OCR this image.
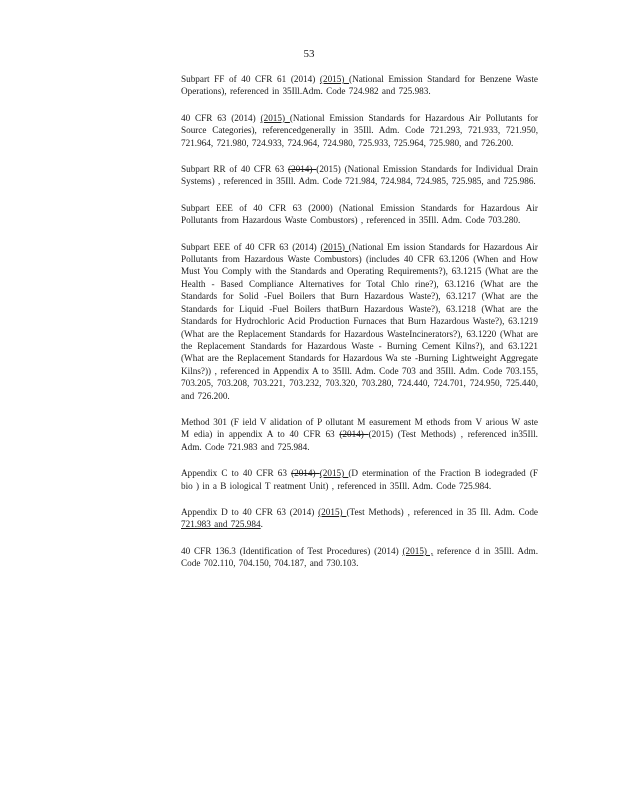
53

Subpart FF of 40 CFR 61 (2014) (2015) (National Emission Standard for Benzene Waste Operations), referenced in 35Ill.Adm. Code 724.982 and 725.983.

40 CFR 63 (2014) (2015) (National Emission Standards for Hazardous Air Pollutants for Source Categories), referencedgenerally in 35Ill. Adm. Code 721.293, 721.933, 721.950, 721.964, 721.980, 724.933, 724.964, 724.980, 725.933, 725.964, 725.980, and 726.200.

Subpart RR of 40 CFR 63 (2014) (2015) (National Emission Standards for Individual Drain Systems) , referenced in 35Ill. Adm. Code 721.984, 724.984, 724.985, 725.985, and 725.986.

Subpart EEE of 40 CFR 63 (2000) (National Emission Standards for Hazardous Air Pollutants from Hazardous Waste Combustors) , referenced in 35Ill. Adm. Code 703.280.

Subpart EEE of 40 CFR 63 (2014) (2015) (National Em ission Standards for Hazardous Air Pollutants from Hazardous Waste Combustors) (includes 40 CFR 63.1206 (When and How Must You Comply with the Standards and Operating Requirements?), 63.1215 (What are the Health - Based Compliance Alternatives for Total Chlo rine?), 63.1216 (What are the Standards for Solid -Fuel Boilers that Burn Hazardous Waste?), 63.1217 (What are the Standards for Liquid -Fuel Boilers thatBurn Hazardous Waste?), 63.1218 (What are the Standards for Hydrochloric Acid Production Furnaces that Burn Hazardous Waste?), 63.1219 (What are the Replacement Standards for Hazardous WasteIncinerators?), 63.1220 (What are the Replacement Standards for Hazardous Waste - Burning Cement Kilns?), and 63.1221 (What are the Replacement Standards for Hazardous Wa ste -Burning Lightweight Aggregate Kilns?)) , referenced in Appendix A to 35Ill. Adm. Code 703 and 35Ill. Adm. Code 703.155, 703.205, 703.208, 703.221, 703.232, 703.320, 703.280, 724.440, 724.701, 724.950, 725.440, and 726.200.

Method 301 (F ield V alidation of P ollutant M easurement M ethods from V arious W aste M edia) in appendix A to 40 CFR 63 (2014) (2015) (Test Methods) , referenced in35Ill. Adm. Code 721.983 and 725.984.

Appendix C to 40 CFR 63 (2014) (2015) (D etermination of the Fraction B iodegraded (F bio ) in a B iological T reatment Unit) , referenced in 35Ill. Adm. Code 725.984.

Appendix D to 40 CFR 63 (2014) (2015) (Test Methods) , referenced in 35 Ill. Adm. Code 721.983 and 725.984.

40 CFR 136.3 (Identification of Test Procedures) (2014) (2015) , reference d in 35Ill. Adm. Code 702.110, 704.150, 704.187, and 730.103.
